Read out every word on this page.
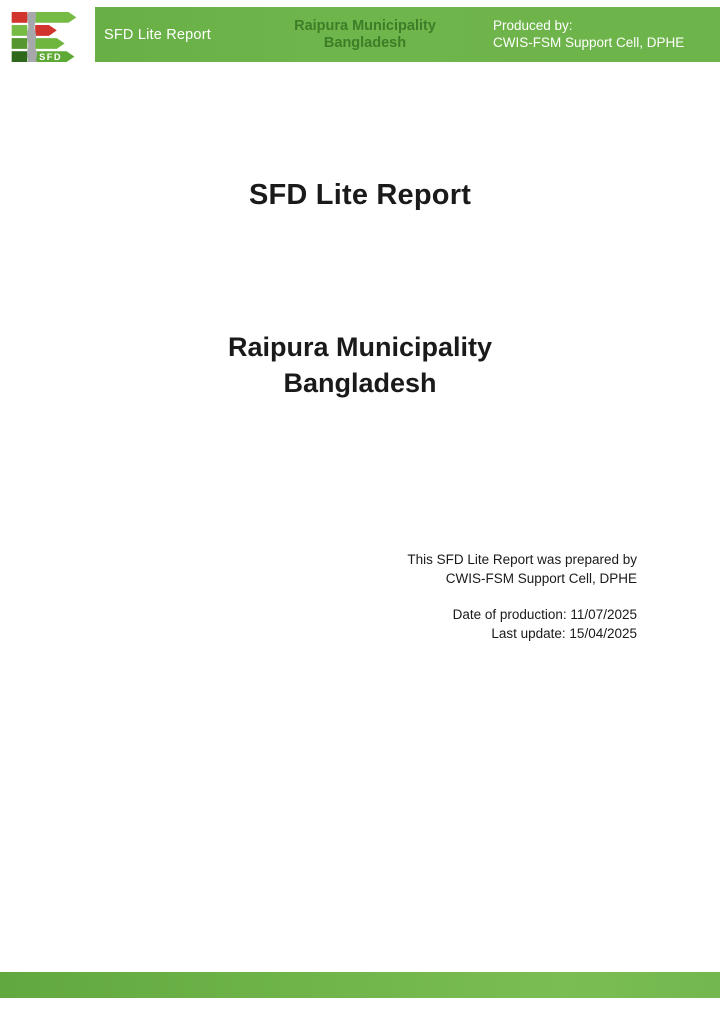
SFD
SFD Lite Report
Raipura Municipality
Bangladesh
Produced by:
CWIS-FSM Support Cell, DPHE
SFD Lite Report
Raipura Municipality
Bangladesh
This SFD Lite Report was prepared by
CWIS-FSM Support Cell, DPHE
Date of production: 11/07/2025
Last update: 15/04/2025
